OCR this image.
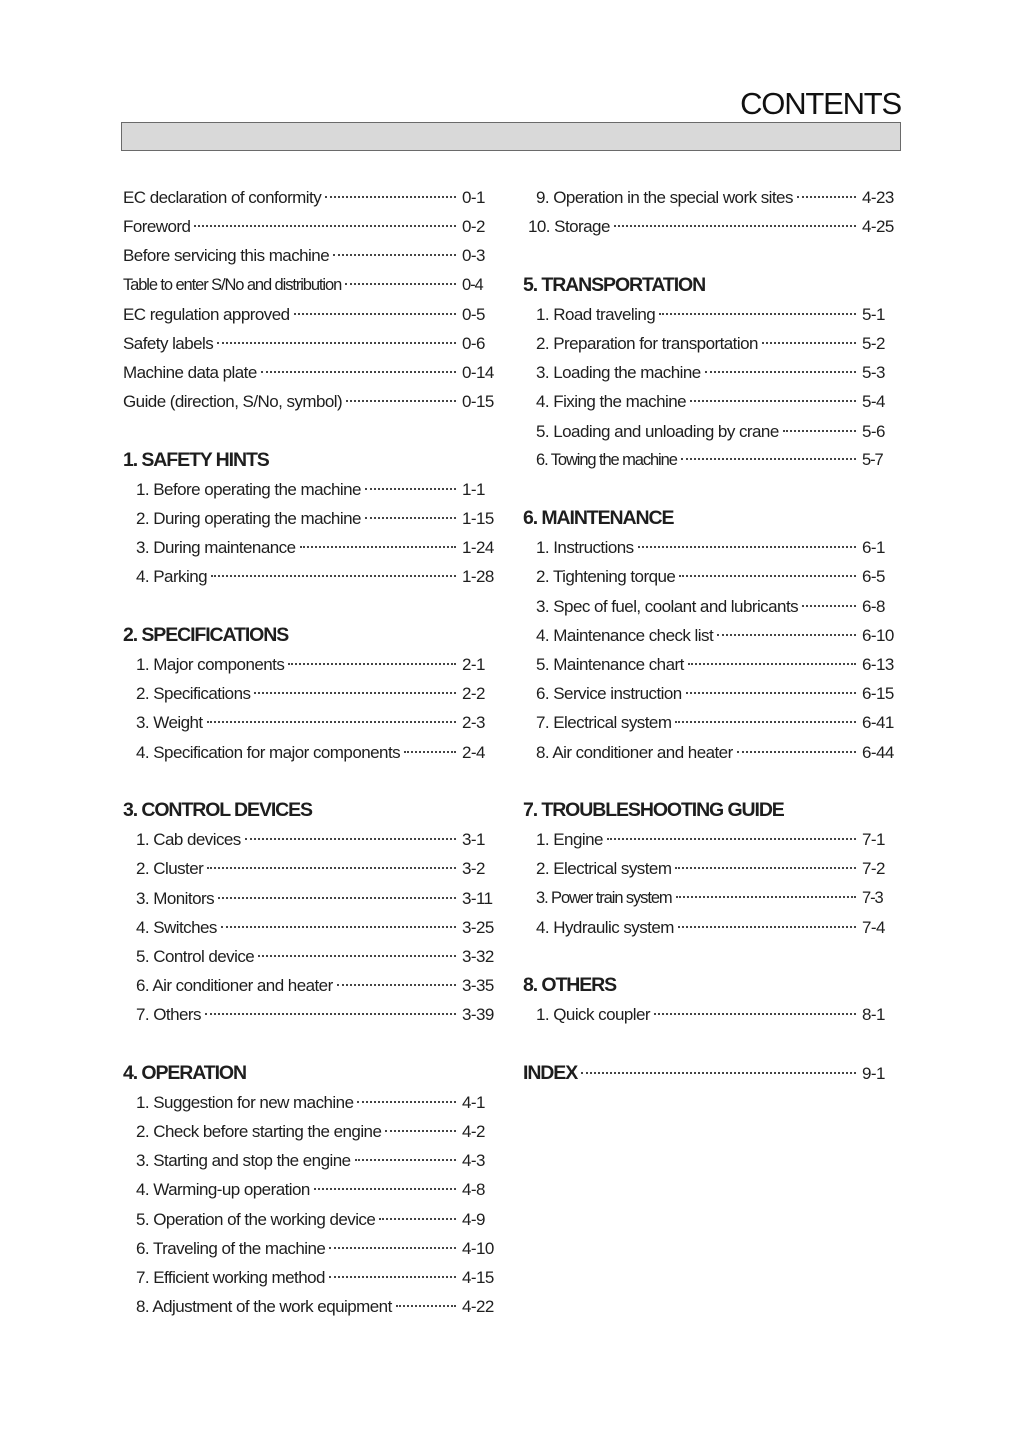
CONTENTS
EC declaration of conformity	0-1
Foreword	0-2
Before servicing this machine	0-3
Table to enter S/No and distribution	0-4
EC regulation approved	0-5
Safety labels	0-6
Machine data plate	0-14
Guide (direction, S/No, symbol)	0-15
1. SAFETY HINTS
1. Before operating the machine	1-1
2. During operating the machine	1-15
3. During maintenance	1-24
4. Parking	1-28
2. SPECIFICATIONS
1. Major components	2-1
2. Specifications	2-2
3. Weight	2-3
4. Specification for major components	2-4
3. CONTROL DEVICES
1. Cab devices	3-1
2. Cluster	3-2
3. Monitors	3-11
4. Switches	3-25
5. Control device	3-32
6. Air conditioner and heater	3-35
7. Others	3-39
4. OPERATION
1. Suggestion for new machine	4-1
2. Check before starting the engine	4-2
3. Starting and stop the engine	4-3
4. Warming-up operation	4-8
5. Operation of the working device	4-9
6. Traveling of the machine	4-10
7. Efficient working method	4-15
8. Adjustment of the work equipment	4-22
9. Operation in the special work sites	4-23
10. Storage	4-25
5. TRANSPORTATION
1. Road traveling	5-1
2. Preparation for transportation	5-2
3. Loading the machine	5-3
4. Fixing the machine	5-4
5. Loading and unloading by crane	5-6
6. Towing the machine	5-7
6. MAINTENANCE
1. Instructions	6-1
2. Tightening torque	6-5
3. Spec of fuel, coolant and lubricants	6-8
4. Maintenance check list	6-10
5. Maintenance chart	6-13
6. Service instruction	6-15
7. Electrical system	6-41
8. Air conditioner and heater	6-44
7. TROUBLESHOOTING GUIDE
1. Engine	7-1
2. Electrical system	7-2
3. Power train system	7-3
4. Hydraulic system	7-4
8. OTHERS
1. Quick coupler	8-1
INDEX	9-1
